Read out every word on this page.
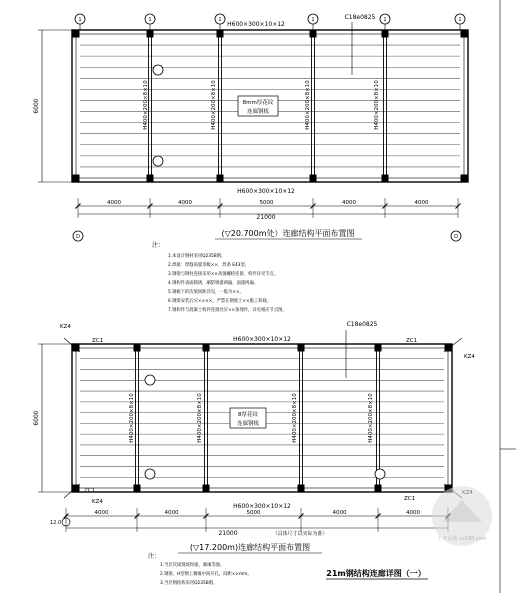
1	1	1	1	1	1
H600×300×10×12
C18e0825
H600×300×10×12
H400×200×8×10	H400×200×8×10	H400×200×8×10	H400×200×8×10
8mm厚花纹
连廊钢板
6000
4000	4000	5000	4000	4000
21000
D	D
(▽20.700m处）连廊结构平面布置图
注：
1.本设计钢材采用Q235B钢。
2.焊接：焊缝质量等级××，焊条 E43型。
3.钢梁与钢柱连接采用××高强螺栓连接，构件详见节点。
4.钢构件表面除锈，刷防锈漆两遍，面漆两遍。
5.钢板下的次梁间距详见，一般为××。
6.钢梁安装后应××××，严禁在钢梁上××施工荷载。
7.钢构件与混凝土构件连接处应××预埋件，详见相应节点图。
H600×300×10×12
C18e0825
H600×300×10×12
KZ4
KZ4
KZ4
ZC1	ZC1
ZC1
ZC1
H400×200×8×10	H400×200×8×10	H400×200×8×10	H400×200×8×10
8厚花纹
连廊钢板
6000
4000	4000	5000	4000	4000
21000	（具体尺寸以实际为准）
12.0
(▽17.200m)连廊结构平面布置图
注：
1.当层次梁现场焊接，翼缘等强。
2.钢梁、H型钢上翼缘中间开孔，间距××mm。
3.当层钢结构采用Q235B钢。
21m钢结构连廊详图（一）
土木在线 co188.com
